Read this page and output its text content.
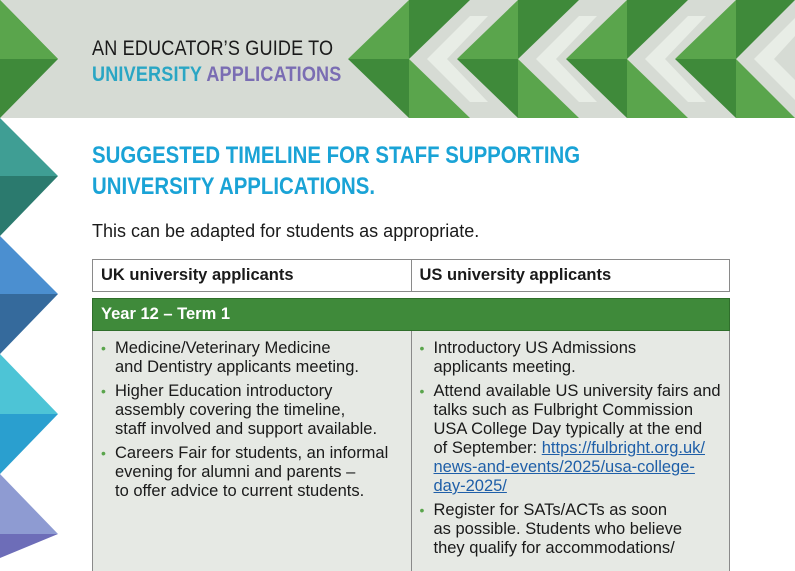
AN EDUCATOR’S GUIDE TO
UNIVERSITY APPLICATIONS
SUGGESTED TIMELINE FOR STAFF SUPPORTING
UNIVERSITY APPLICATIONS.
This can be adapted for students as appropriate.
UK university applicants	US university applicants
Year 12 – Term 1
• Medicine/Veterinary Medicine
and Dentistry applicants meeting.
• Higher Education introductory
assembly covering the timeline,
staff involved and support available.
• Careers Fair for students, an informal
evening for alumni and parents –
to offer advice to current students.
• Introductory US Admissions
applicants meeting.
• Attend available US university fairs and
talks such as Fulbright Commission
USA College Day typically at the end
of September: https://fulbright.org.uk/
news-and-events/2025/usa-college-
day-2025/
• Register for SATs/ACTs as soon
as possible. Students who believe
they qualify for accommodations/
